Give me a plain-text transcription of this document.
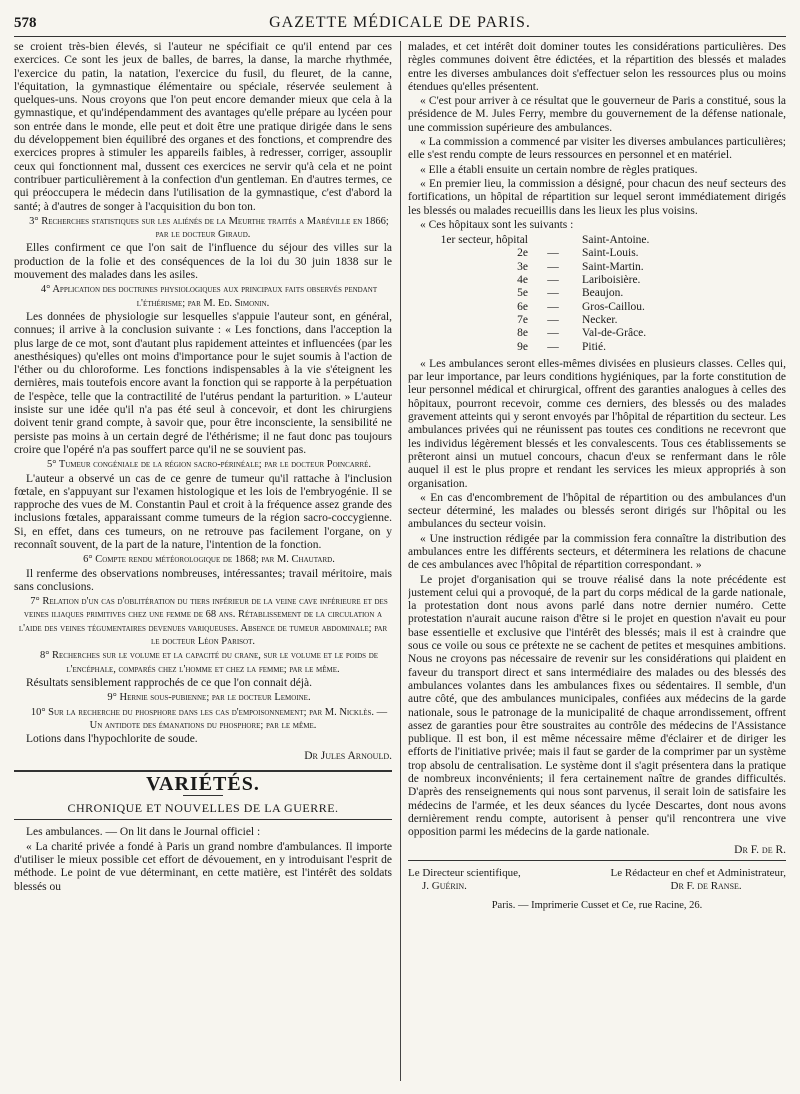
578	GAZETTE MÉDICALE DE PARIS.

se croient très-bien élevés, si l'auteur ne spécifiait ce qu'il entend par ces exercices. Ce sont les jeux de balles, de barres, la danse, la marche rhythmée, l'exercice du patin, la natation, l'exercice du fusil, du fleuret, de la canne, l'équitation, la gymnastique élémentaire ou spéciale, réservée seulement à quelques-uns. Nous croyons que l'on peut encore demander mieux que cela à la gymnastique, et qu'indépendamment des avantages qu'elle prépare au lycéen pour son entrée dans le monde, elle peut et doit être une pratique dirigée dans le sens du développement bien équilibré des organes et des fonctions, et comprendre des exercices propres à stimuler les appareils faibles, à redresser, corriger, assouplir ceux qui fonctionnent mal, dussent ces exercices ne servir qu'à cela et ne point contribuer particulièrement à la confection d'un gentleman. En d'autres termes, ce qui préoccupera le médecin dans l'utilisation de la gymnastique, c'est d'abord la santé; à d'autres de songer à l'acquisition du bon ton.

3° Recherches statistiques sur les aliénés de la Meurthe traités a Maréville en 1866; par le docteur Giraud.

Elles confirment ce que l'on sait de l'influence du séjour des villes sur la production de la folie et des conséquences de la loi du 30 juin 1838 sur le mouvement des malades dans les asiles.

4° Application des doctrines physiologiques aux principaux faits observés pendant l'éthérisme; par M. Ed. Simonin.

Les données de physiologie sur lesquelles s'appuie l'auteur sont, en général, connues; il arrive à la conclusion suivante : « Les fonctions, dans l'acception la plus large de ce mot, sont d'autant plus rapidement atteintes et influencées (par les anesthésiques) qu'elles ont moins d'importance pour le sujet soumis à l'action de l'éther ou du chloroforme. Les fonctions indispensables à la vie s'éteignent les dernières, mais toutefois encore avant la fonction qui se rapporte à la perpétuation de l'espèce, telle que la contractilité de l'utérus pendant la parturition. » L'auteur insiste sur une idée qu'il n'a pas été seul à concevoir, et dont les chirurgiens doivent tenir grand compte, à savoir que, pour être inconsciente, la sensibilité ne persiste pas moins à un certain degré de l'éthérisme; il ne faut donc pas toujours croire que l'opéré n'a pas souffert parce qu'il ne se souvient pas.

5° Tumeur congéniale de la région sacro-périnéale; par le docteur Poincarré.

L'auteur a observé un cas de ce genre de tumeur qu'il rattache à l'inclusion fœtale, en s'appuyant sur l'examen histologique et les lois de l'embryogénie. Il se rapproche des vues de M. Constantin Paul et croit à la fréquence assez grande des inclusions fœtales, apparaissant comme tumeurs de la région sacro-coccygienne. Si, en effet, dans ces tumeurs, on ne retrouve pas facilement l'organe, on y reconnaît souvent, de la part de la nature, l'intention de la fonction.

6° Compte rendu météorologique de 1868; par M. Chautard.

Il renferme des observations nombreuses, intéressantes; travail méritoire, mais sans conclusions.

7° Relation d'un cas d'oblitération du tiers inférieur de la veine cave inférieure et des veines iliaques primitives chez une femme de 68 ans. Rétablissement de la circulation a l'aide des veines tégumentaires devenues variqueuses. Absence de tumeur abdominale; par le docteur Léon Parisot.

8° Recherches sur le volume et la capacité du crane, sur le volume et le poids de l'encéphale, comparés chez l'homme et chez la femme; par le même.

Résultats sensiblement rapprochés de ce que l'on connait déjà.

9° Hernie sous-pubienne; par le docteur Lemoine.

10° Sur la recherche du phosphore dans les cas d'empoisonnement; par M. Nicklès. — Un antidote des émanations du phosphore; par le même.

Lotions dans l'hypochlorite de soude.

Dr Jules Arnould.
VARIÉTÉS.
CHRONIQUE ET NOUVELLES DE LA GUERRE.

Les ambulances. — On lit dans le Journal officiel :

« La charité privée a fondé à Paris un grand nombre d'ambulances. Il importe d'utiliser le mieux possible cet effort de dévouement, en y introduisant l'esprit de méthode. Le point de vue déterminant, en cette matière, est l'intérêt des soldats blessés ou

malades, et cet intérêt doit dominer toutes les considérations particulières. Des règles communes doivent être édictées, et la répartition des blessés et malades entre les diverses ambulances doit s'effectuer selon les ressources plus ou moins étendues qu'elles présentent.

« C'est pour arriver à ce résultat que le gouverneur de Paris a constitué, sous la présidence de M. Jules Ferry, membre du gouvernement de la défense nationale, une commission supérieure des ambulances.

« La commission a commencé par visiter les diverses ambulances particulières; elle s'est rendu compte de leurs ressources en personnel et en matériel.

« Elle a établi ensuite un certain nombre de règles pratiques.

« En premier lieu, la commission a désigné, pour chacun des neuf secteurs des fortifications, un hôpital de répartition sur lequel seront immédiatement dirigés les blessés ou malades recueillis dans les lieux les plus voisins.

« Ces hôpitaux sont les suivants :

1er secteur, hôpital	Saint-Antoine.
2e	—	Saint-Louis.
3e	—	Saint-Martin.
4e	—	Lariboisière.
5e	—	Beaujon.
6e	—	Gros-Caillou.
7e	—	Necker.
8e	—	Val-de-Grâce.
9e	—	Pitié.

« Les ambulances seront elles-mêmes divisées en plusieurs classes. Celles qui, par leur importance, par leurs conditions hygiéniques, par la forte constitution de leur personnel médical et chirurgical, offrent des garanties analogues à celles des hôpitaux, pourront recevoir, comme ces derniers, des blessés ou des malades gravement atteints qui y seront envoyés par l'hôpital de répartition du secteur. Les ambulances privées qui ne réunissent pas toutes ces conditions ne recevront que les individus légèrement blessés et les convalescents. Tous ces établissements se prêteront ainsi un mutuel concours, chacun d'eux se renfermant dans le rôle auquel il est le plus propre et rendant les services les mieux appropriés à son organisation.

« En cas d'encombrement de l'hôpital de répartition ou des ambulances d'un secteur déterminé, les malades ou blessés seront dirigés sur l'hôpital ou les ambulances du secteur voisin.

« Une instruction rédigée par la commission fera connaître la distribution des ambulances entre les différents secteurs, et déterminera les relations de chacune de ces ambulances avec l'hôpital de répartition correspondant. »

Le projet d'organisation qui se trouve réalisé dans la note précédente est justement celui qui a provoqué, de la part du corps médical de la garde nationale, la protestation dont nous avons parlé dans notre dernier numéro. Cette protestation n'aurait aucune raison d'être si le projet en question n'avait eu pour base essentielle et exclusive que l'intérêt des blessés; mais il est à craindre que sous ce voile ou sous ce prétexte ne se cachent de petites et mesquines ambitions. Nous ne croyons pas nécessaire de revenir sur les considérations qui plaident en faveur du transport direct et sans intermédiaire des malades ou des blessés des ambulances volantes dans les ambulances fixes ou sédentaires. Il semble, d'un autre côté, que des ambulances municipales, confiées aux médecins de la garde nationale, sous le patronage de la municipalité de chaque arrondissement, offrent assez de garanties pour être soustraites au contrôle des médecins de l'Assistance publique. Il est bon, il est même nécessaire même d'éclairer et de diriger les efforts de l'initiative privée; mais il faut se garder de la comprimer par un système trop absolu de centralisation. Le système dont il s'agit présentera dans la pratique de nombreux inconvénients; il fera certainement naître de grandes difficultés. D'après des renseignements qui nous sont parvenus, il serait loin de satisfaire les médecins de l'armée, et les deux séances du lycée Descartes, dont nous avons dernièrement rendu compte, autorisent à penser qu'il rencontrera une vive opposition parmi les médecins de la garde nationale.

Dr F. de R.
Le Directeur scientifique,
J. Guérin.
Le Rédacteur en chef et Administrateur,
Dr F. de Ranse.
Paris. — Imprimerie Cusset et Ce, rue Racine, 26.
